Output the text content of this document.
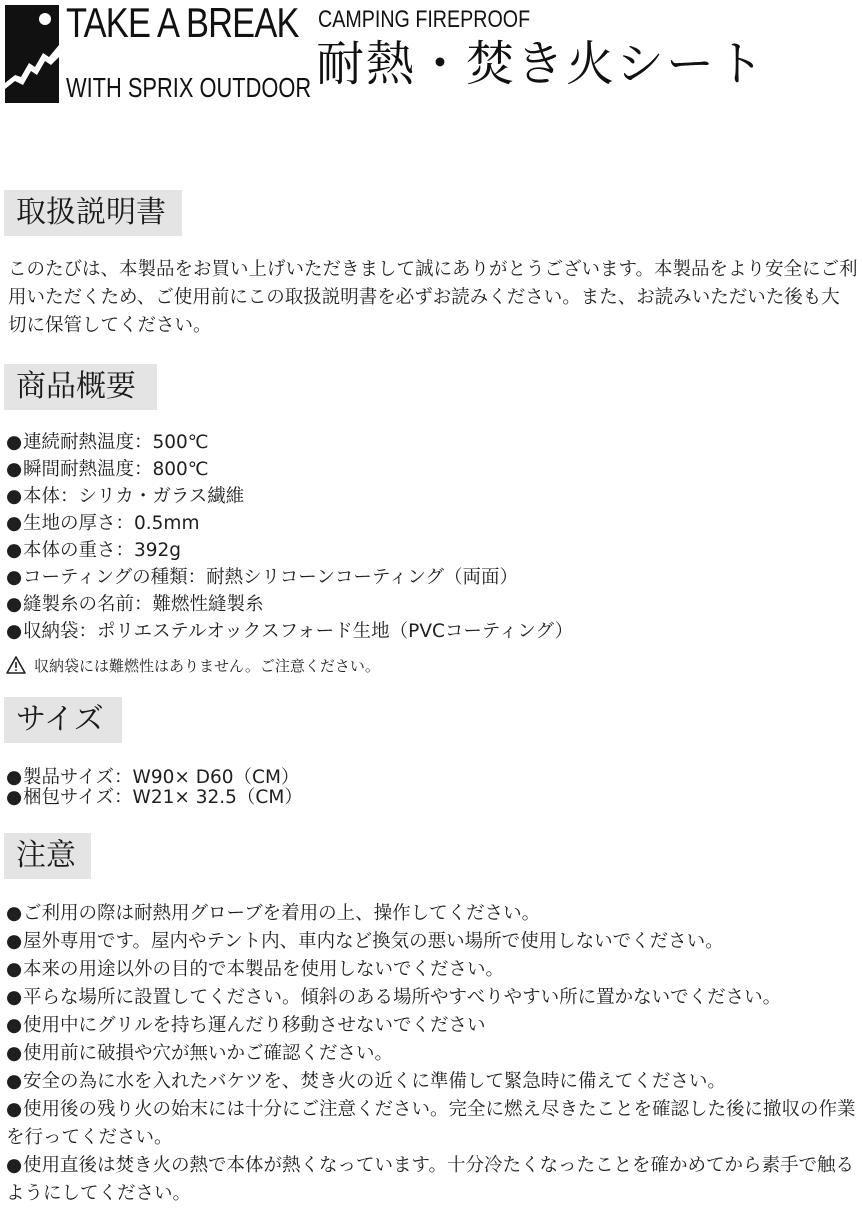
TAKE A BREAK
WITH SPRIX OUTDOOR
CAMPING FIREPROOF
耐熱・焚き火シート
取扱説明書
このたびは、本製品をお買い上げいただきまして誠にありがとうございます。本製品をより安全にご利用いただくため、ご使用前にこの取扱説明書を必ずお読みください。また、お読みいただいた後も大切に保管してください。
商品概要
●連続耐熱温度：500℃
●瞬間耐熱温度：800℃
●本体：シリカ・ガラス繊維
●生地の厚さ：0.5mm
●本体の重さ：392g
●コーティングの種類：耐熱シリコーンコーティング（両面）
●縫製糸の名前：難燃性縫製糸
●収納袋：ポリエステルオックスフォード生地（PVCコーティング）
収納袋には難燃性はありません。ご注意ください。
サイズ
●製品サイズ：W90× D60（CM）
●梱包サイズ：W21× 32.5（CM）
注意
●ご利用の際は耐熱用グローブを着用の上、操作してください。
●屋外専用です。屋内やテント内、車内など換気の悪い場所で使用しないでください。
●本来の用途以外の目的で本製品を使用しないでください。
●平らな場所に設置してください。傾斜のある場所やすべりやすい所に置かないでください。
●使用中にグリルを持ち運んだり移動させないでください
●使用前に破損や穴が無いかご確認ください。
●安全の為に水を入れたバケツを、焚き火の近くに準備して緊急時に備えてください。
●使用後の残り火の始末には十分にご注意ください。完全に燃え尽きたことを確認した後に撤収の作業を行ってください。
●使用直後は焚き火の熱で本体が熱くなっています。十分冷たくなったことを確かめてから素手で触るようにしてください。
